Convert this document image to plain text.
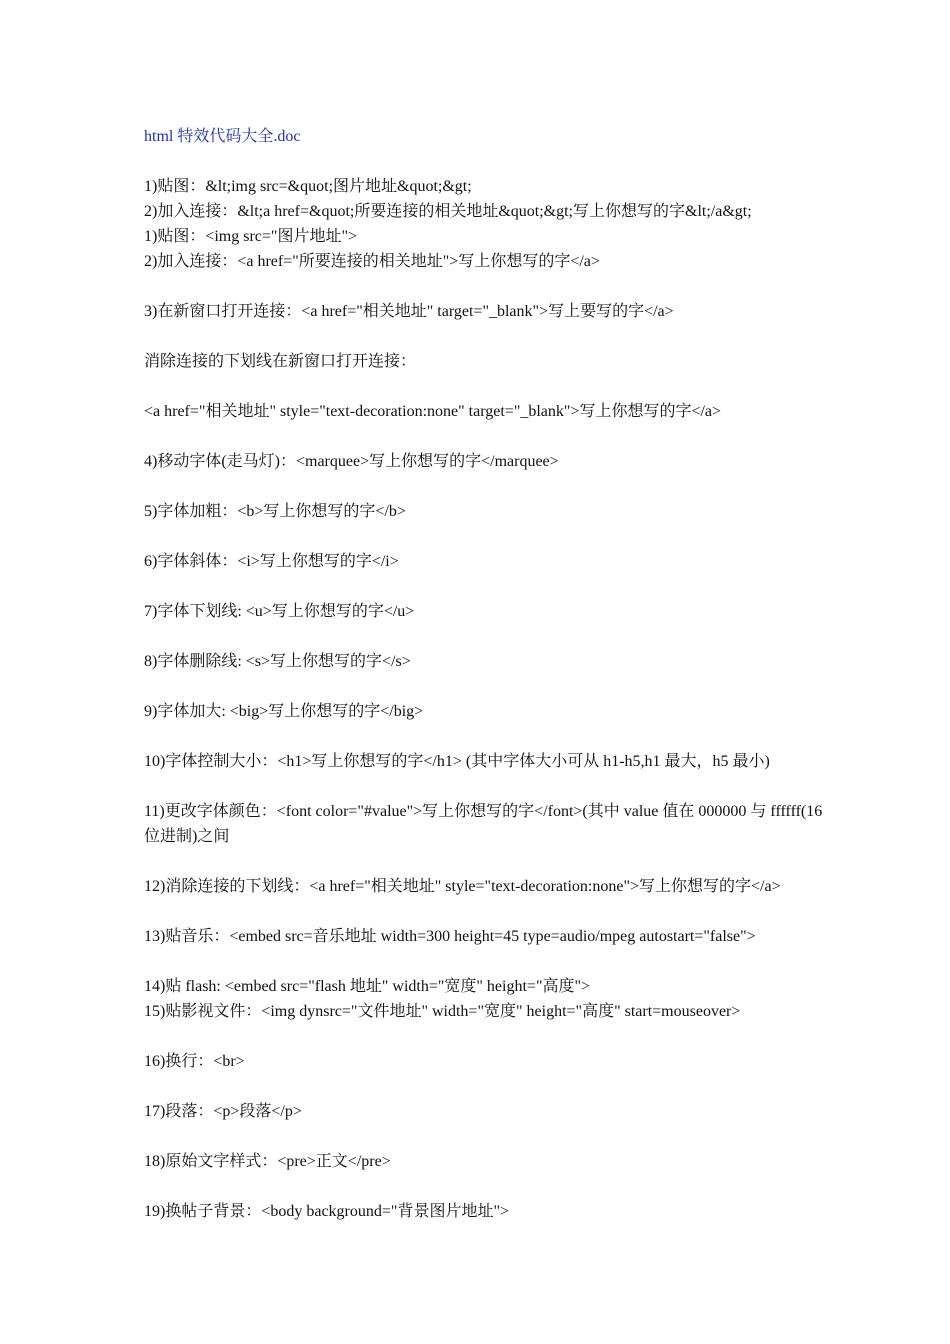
html 特效代码大全.doc

1)贴图：&lt;img src=&quot;图片地址&quot;&gt;

2)加入连接：&lt;a href=&quot;所要连接的相关地址&quot;&gt;写上你想写的字&lt;/a&gt;

1)贴图：<img src="图片地址">

2)加入连接：<a href="所要连接的相关地址">写上你想写的字</a>

3)在新窗口打开连接：<a href="相关地址" target="_blank">写上要写的字</a>

消除连接的下划线在新窗口打开连接：

<a href="相关地址" style="text-decoration:none" target="_blank">写上你想写的字</a>

4)移动字体(走马灯)：<marquee>写上你想写的字</marquee>

5)字体加粗：<b>写上你想写的字</b>

6)字体斜体：<i>写上你想写的字</i>

7)字体下划线: <u>写上你想写的字</u>

8)字体删除线: <s>写上你想写的字</s>

9)字体加大: <big>写上你想写的字</big>

10)字体控制大小：<h1>写上你想写的字</h1> (其中字体大小可从 h1-h5,h1 最大，h5 最小)

11)更改字体颜色：<font color="#value">写上你想写的字</font>(其中 value 值在 000000 与 ffffff(16 位进制)之间

12)消除连接的下划线：<a href="相关地址" style="text-decoration:none">写上你想写的字</a>

13)贴音乐：<embed src=音乐地址 width=300 height=45 type=audio/mpeg autostart="false">

14)贴 flash: <embed src="flash 地址" width="宽度" height="高度">

15)贴影视文件：<img dynsrc="文件地址" width="宽度" height="高度" start=mouseover>

16)换行：<br>

17)段落：<p>段落</p>

18)原始文字样式：<pre>正文</pre>

19)换帖子背景：<body background="背景图片地址">
